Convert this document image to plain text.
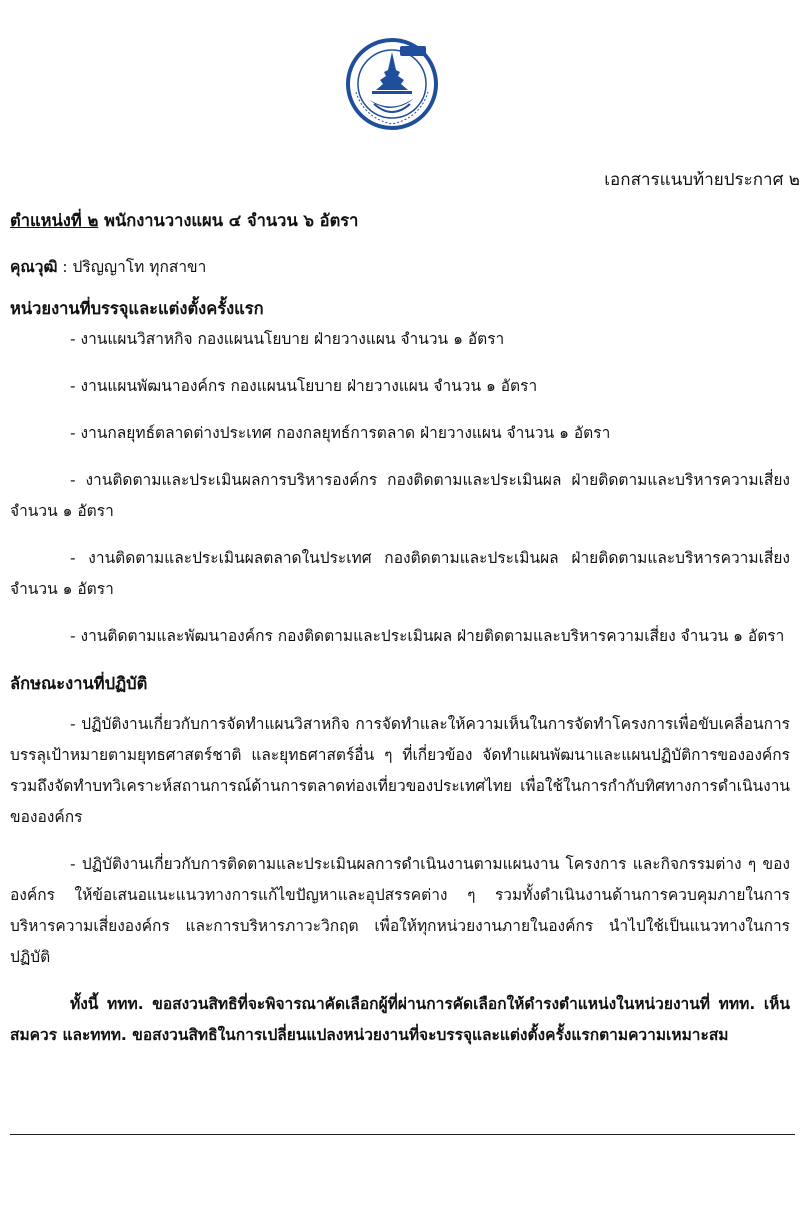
เอกสารแนบท้ายประกาศ ๒

ตำแหน่งที่ ๒ พนักงานวางแผน ๔ จำนวน ๖ อัตรา

คุณวุฒิ : ปริญญาโท ทุกสาขา

หน่วยงานที่บรรจุและแต่งตั้งครั้งแรก

- งานแผนวิสาหกิจ กองแผนนโยบาย ฝ่ายวางแผน จำนวน ๑ อัตรา

- งานแผนพัฒนาองค์กร กองแผนนโยบาย ฝ่ายวางแผน จำนวน ๑ อัตรา

- งานกลยุทธ์ตลาดต่างประเทศ กองกลยุทธ์การตลาด ฝ่ายวางแผน จำนวน ๑ อัตรา

- งานติดตามและประเมินผลการบริหารองค์กร กองติดตามและประเมินผล ฝ่ายติดตามและบริหารความเสี่ยง จำนวน ๑ อัตรา

- งานติดตามและประเมินผลตลาดในประเทศ กองติดตามและประเมินผล ฝ่ายติดตามและบริหารความเสี่ยง จำนวน ๑ อัตรา

- งานติดตามและพัฒนาองค์กร กองติดตามและประเมินผล ฝ่ายติดตามและบริหารความเสี่ยง จำนวน ๑ อัตรา

ลักษณะงานที่ปฏิบัติ

- ปฏิบัติงานเกี่ยวกับการจัดทำแผนวิสาหกิจ การจัดทำและให้ความเห็นในการจัดทำโครงการเพื่อขับเคลื่อนการบรรลุเป้าหมายตามยุทธศาสตร์ชาติ และยุทธศาสตร์อื่น ๆ ที่เกี่ยวข้อง จัดทำแผนพัฒนาและแผนปฏิบัติการขององค์กร รวมถึงจัดทำบทวิเคราะห์สถานการณ์ด้านการตลาดท่องเที่ยวของประเทศไทย เพื่อใช้ในการกำกับทิศทางการดำเนินงานขององค์กร

- ปฏิบัติงานเกี่ยวกับการติดตามและประเมินผลการดำเนินงานตามแผนงาน โครงการ และกิจกรรมต่าง ๆ ขององค์กร ให้ข้อเสนอแนะแนวทางการแก้ไขปัญหาและอุปสรรคต่าง ๆ รวมทั้งดำเนินงานด้านการควบคุมภายในการบริหารความเสี่ยงองค์กร และการบริหารภาวะวิกฤต เพื่อให้ทุกหน่วยงานภายในองค์กร นำไปใช้เป็นแนวทางในการปฏิบัติ

ทั้งนี้ ททท. ขอสงวนสิทธิที่จะพิจารณาคัดเลือกผู้ที่ผ่านการคัดเลือกให้ดำรงตำแหน่งในหน่วยงานที่ ททท. เห็นสมควร และททท. ขอสงวนสิทธิในการเปลี่ยนแปลงหน่วยงานที่จะบรรจุและแต่งตั้งครั้งแรกตามความเหมาะสม
